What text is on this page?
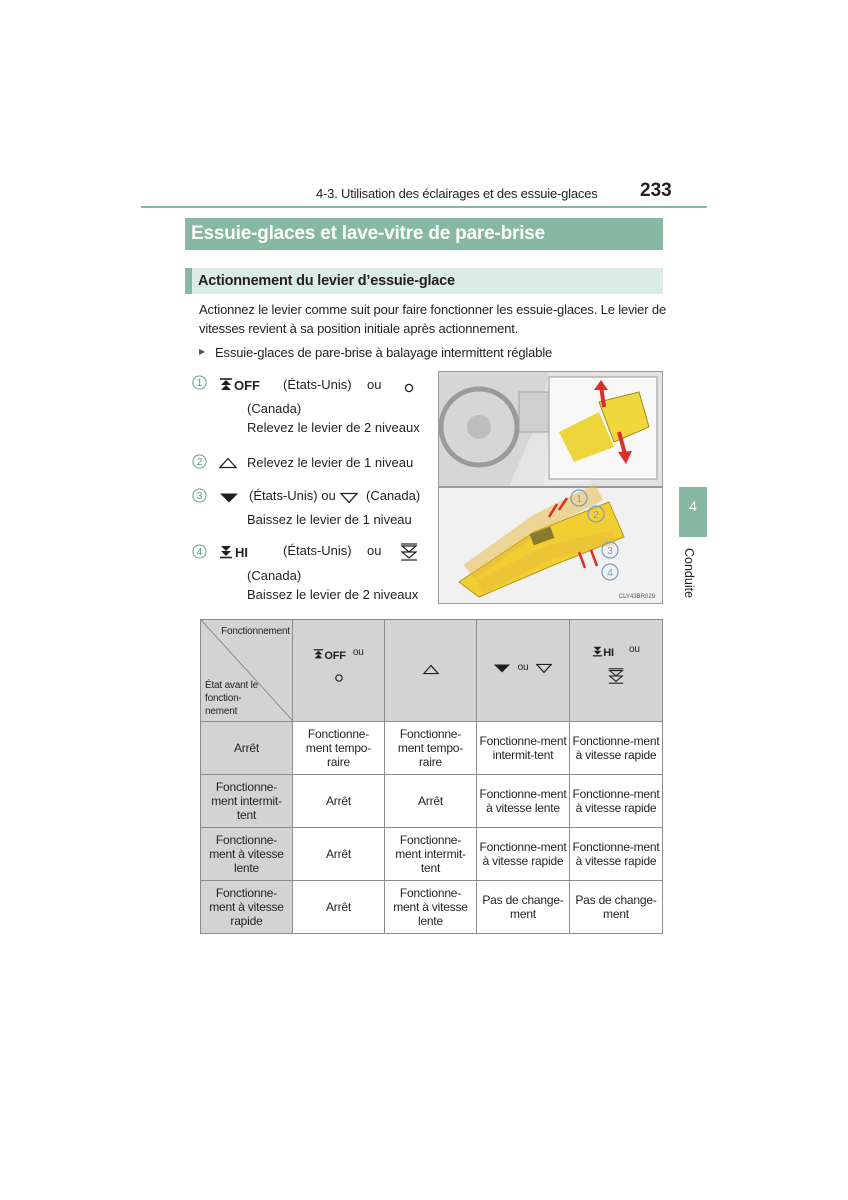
4-3. Utilisation des éclairages et des essuie-glaces 233
Essuie-glaces et lave-vitre de pare-brise
Actionnement du levier d’essuie-glace
Actionnez le levier comme suit pour faire fonctionner les essuie-glaces. Le levier de vitesses revient à sa position initiale après actionnement.
▶ Essuie-glaces de pare-brise à balayage intermittent réglable
1 OFF (États-Unis) ou
(Canada)
Relevez le levier de 2 niveaux
2	Relevez le levier de 1 niveau
3	(États-Unis) ou (Canada)
Baissez le levier de 1 niveau
4	HI	(États-Unis) ou
(Canada)
Baissez le levier de 2 niveaux
1
2
3
4
CLY43BR029
4
Conduite
Fonctionnement
État avant le fonction-nement	OFF $^{ou}$		$^{ou}$	HI $^{ou}$

Arrêt	Fonctionne-ment tempo-raire	Fonctionne-ment tempo-raire	Fonctionne-ment intermit-tent	Fonctionne-ment à vitesse rapide
Fonctionne-ment intermit-tent	Arrêt	Arrêt	Fonctionne-ment à vitesse lente	Fonctionne-ment à vitesse rapide
Fonctionne-ment à vitesse lente	Arrêt	Fonctionne-ment intermit-tent	Fonctionne-ment à vitesse rapide	Fonctionne-ment à vitesse rapide
Fonctionne-ment à vitesse rapide	Arrêt	Fonctionne-ment à vitesse lente	Pas de change-ment	Pas de change-ment
